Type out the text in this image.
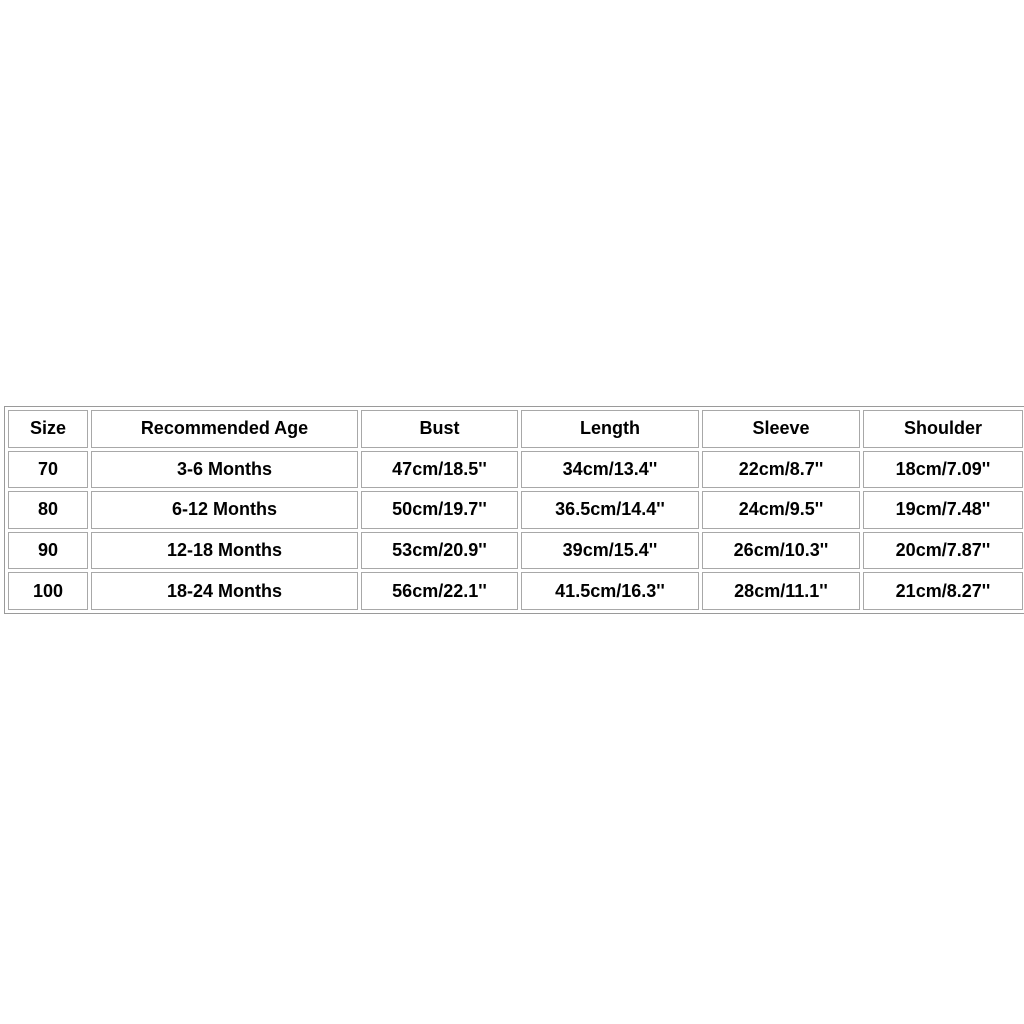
Size	Recommended Age	Bust	Length	Sleeve	Shoulder
70	3-6 Months	47cm/18.5''	34cm/13.4''	22cm/8.7''	18cm/7.09''
80	6-12 Months	50cm/19.7''	36.5cm/14.4''	24cm/9.5''	19cm/7.48''
90	12-18 Months	53cm/20.9''	39cm/15.4''	26cm/10.3''	20cm/7.87''
100	18-24 Months	56cm/22.1''	41.5cm/16.3''	28cm/11.1''	21cm/8.27''
